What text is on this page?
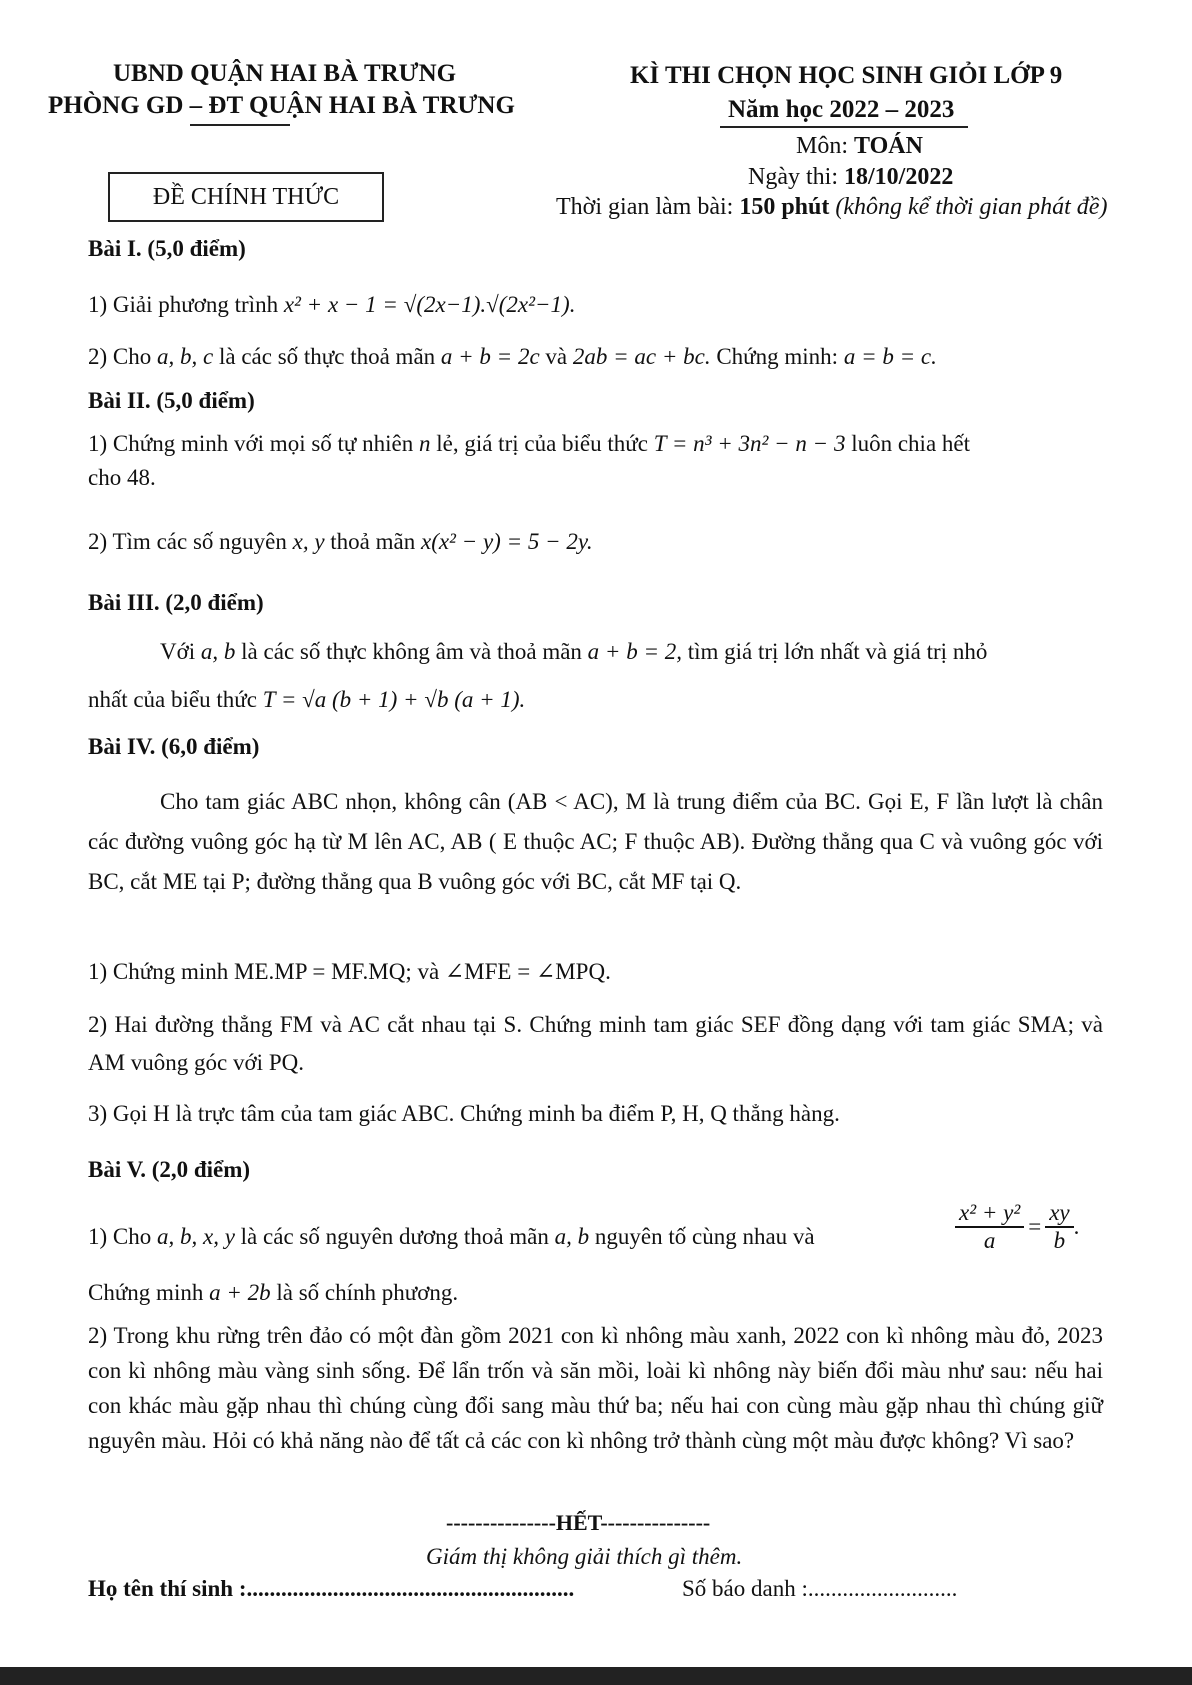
UBND QUẬN HAI BÀ TRƯNG
PHÒNG GD – ĐT QUẬN HAI BÀ TRƯNG
ĐỀ CHÍNH THỨC
KÌ THI CHỌN HỌC SINH GIỎI LỚP 9
Năm học 2022 – 2023
Môn: TOÁN
Ngày thi: 18/10/2022
Thời gian làm bài: 150 phút (không kể thời gian phát đề)
Bài I. (5,0 điểm)
1) Giải phương trình x² + x − 1 = √(2x−1).√(2x²−1).
2) Cho a, b, c là các số thực thoả mãn a + b = 2c và 2ab = ac + bc. Chứng minh: a = b = c.
Bài II. (5,0 điểm)
1) Chứng minh với mọi số tự nhiên n lẻ, giá trị của biểu thức T = n³ + 3n² − n − 3 luôn chia hết
cho 48.
2) Tìm các số nguyên x, y thoả mãn x(x² − y) = 5 − 2y.
Bài III. (2,0 điểm)
Với a, b là các số thực không âm và thoả mãn a + b = 2, tìm giá trị lớn nhất và giá trị nhỏ
nhất của biểu thức T = √a (b + 1) + √b (a + 1).
Bài IV. (6,0 điểm)
Cho tam giác ABC nhọn, không cân (AB < AC), M là trung điểm của BC. Gọi E, F lần lượt là chân các đường vuông góc hạ từ M lên AC, AB ( E thuộc AC; F thuộc AB). Đường thẳng qua C và vuông góc với BC, cắt ME tại P; đường thẳng qua B vuông góc với BC, cắt MF tại Q.
1) Chứng minh ME.MP = MF.MQ; và ∠MFE = ∠MPQ.
2) Hai đường thẳng FM và AC cắt nhau tại S. Chứng minh tam giác SEF đồng dạng với tam giác SMA; và AM vuông góc với PQ.
3) Gọi H là trực tâm của tam giác ABC. Chứng minh ba điểm P, H, Q thẳng hàng.
Bài V. (2,0 điểm)
1) Cho a, b, x, y là các số nguyên dương thoả mãn a, b nguyên tố cùng nhau và
x² + y²
a
=
xy
b
.
Chứng minh a + 2b là số chính phương.
2) Trong khu rừng trên đảo có một đàn gồm 2021 con kì nhông màu xanh, 2022 con kì nhông màu đỏ, 2023 con kì nhông màu vàng sinh sống. Để lẩn trốn và săn mồi, loài kì nhông này biến đổi màu như sau: nếu hai con khác màu gặp nhau thì chúng cùng đổi sang màu thứ ba; nếu hai con cùng màu gặp nhau thì chúng giữ nguyên màu. Hỏi có khả năng nào để tất cả các con kì nhông trở thành cùng một màu được không? Vì sao?
---------------HẾT---------------
Giám thị không giải thích gì thêm.
Họ tên thí sinh :.........................................................	Số báo danh :..........................
